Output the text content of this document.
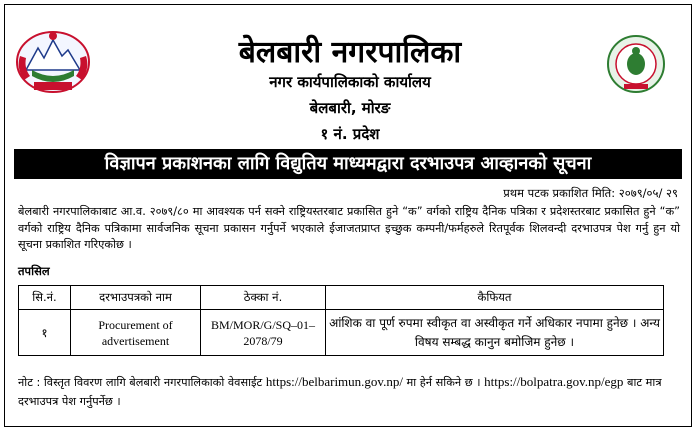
बेलबारी नगरपालिका
नगर कार्यपालिकाको कार्यालय
बेलबारी, मोरङ
१ नं. प्रदेश
विज्ञापन प्रकाशनका लागि विद्युतिय माध्यमद्वारा दरभाउपत्र आव्हानको सूचना
प्रथम पटक प्रकाशित मिति: २०७९/०५/ २९
बेलबारी नगरपालिकाबाट आ.व. २०७९/८० मा आवश्यक पर्न सक्ने राष्ट्रियस्तरबाट प्रकासित हुने “क” वर्गको राष्ट्रिय दैनिक पत्रिका र प्रदेशस्तरबाट प्रकासित हुने “क” वर्गको राष्ट्रिय दैनिक पत्रिकामा सार्वजनिक सूचना प्रकासन गर्नुपर्ने भएकाले ईजाजतप्राप्त इच्छुक कम्पनी/फर्महरुले रितपूर्वक शिलवन्दी दरभाउपत्र पेश गर्नु हुन यो सूचना प्रकाशित गरिएकोछ ।
तपसिल
सि.नं.	दरभाउपत्रको नाम	ठेक्का नं.	कैफियत
१	Procurement of advertisement	BM/MOR/G/SQ–01–2078/79	आंशिक वा पूर्ण रुपमा स्वीकृत वा अस्वीकृत गर्ने अधिकार नपामा हुनेछ । अन्य विषय सम्बद्ध कानुन बमोजिम हुनेछ ।
नोट : विस्तृत विवरण लागि बेलबारी नगरपालिकाको वेवसाईट https://belbarimun.gov.np/ मा हेर्न सकिने छ । https://bolpatra.gov.np/egp बाट मात्र दरभाउपत्र पेश गर्नुपर्नेछ ।
